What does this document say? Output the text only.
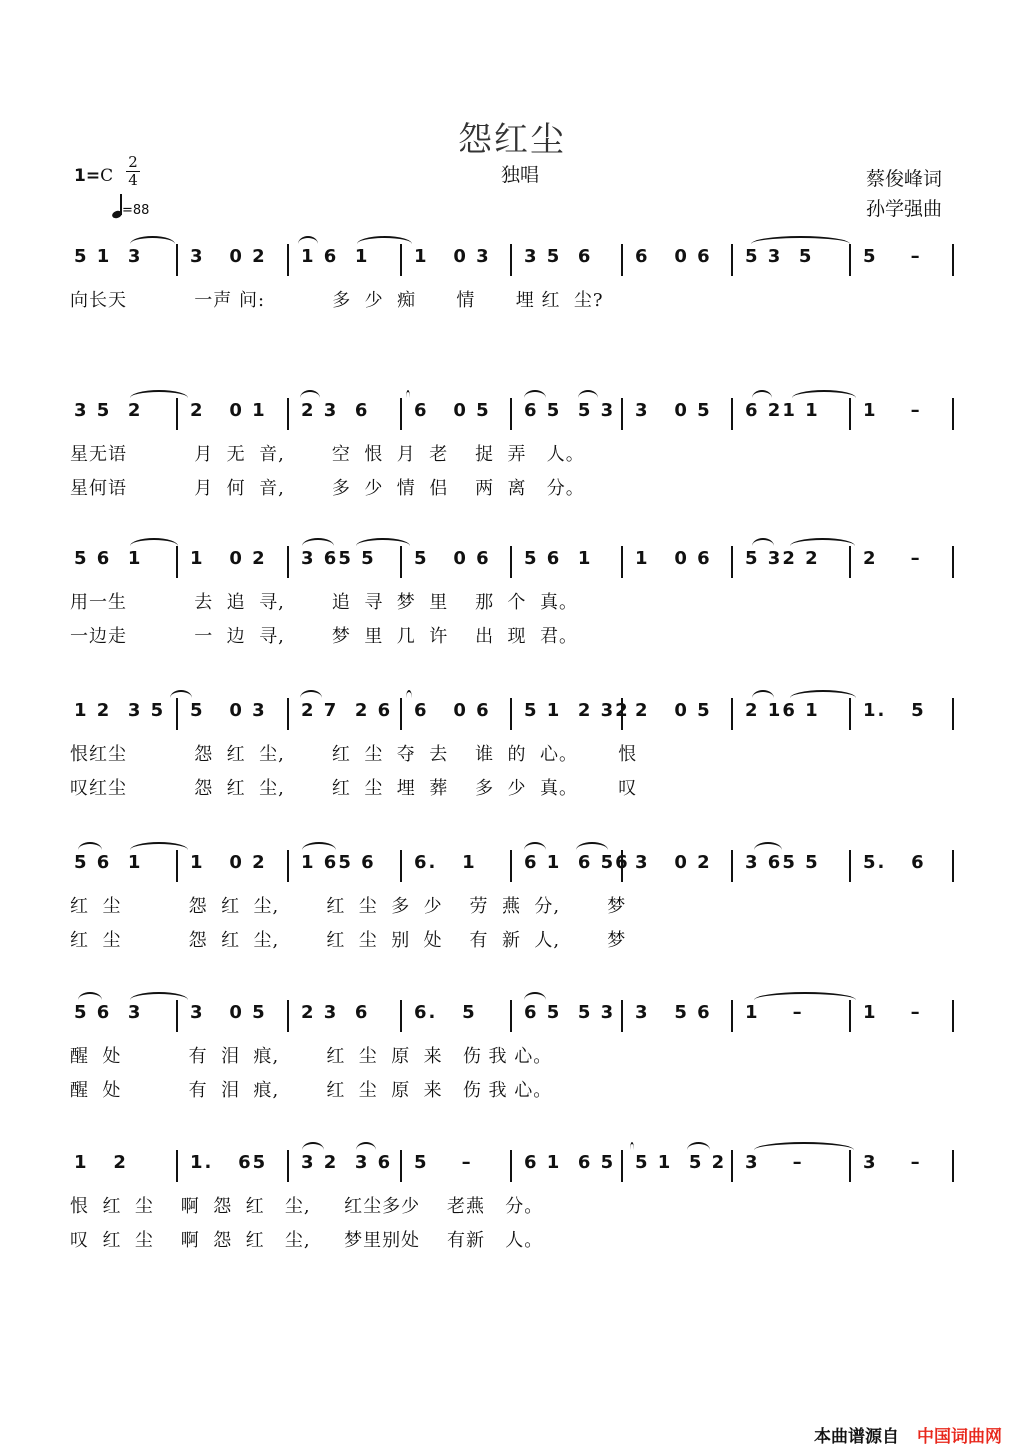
怨红尘
独唱
1=C
2
4
=88
蔡俊峰词
孙学强曲
5 1  3	3   0 2 1 6  1 1   0 3 3 5  6 6   0 6 5 3  5	5    –
向长天          一声 问:          多  少  痴      情      埋 红  尘?
3 5  2	2   0 1 2 3  6 6   0 5 6 5  5 3 3   0 5 6 21 1 1    –
星无语          月  无  音,       空  恨  月  老    捉  弄   人。
星何语          月  何  音,       多  少  情  侣    两  离   分。
5 6  1	1   0 2 3 65 5 5   0 6 5 6  1 1   0 6 5 32 2 2    –
用一生          去  追  寻,       追  寻  梦  里    那  个  真。
一边走          一  边  寻,       梦  里  几  许    出  现  君。
1 2  3 5 5   0 3 2 7  2 6 6   0 6 5 1  2 32 2   0 5 2 16 1 1.   5
恨红尘          怨  红  尘,       红  尘  夺  去    谁  的  心。      恨
叹红尘          怨  红  尘,       红  尘  埋  葬    多  少  真。      叹
5 6  1	1   0 2 1 65 6 6.   1	6 1  6 56 3   0 2 3 65 5 5.   6
红  尘          怨  红  尘,       红  尘  多  少    劳  燕  分,       梦
红  尘          怨  红  尘,       红  尘  别  处    有  新  人,       梦
5 6  3	3   0 5 2 3  6 6.   5	6 5  5 3 3   5 6 1    –	1    –
醒  处          有  泪  痕,       红  尘  原  来   伤 我 心。
醒  处          有  泪  痕,       红  尘  原  来   伤 我 心。
1   2	1.   65 3 2  3 6 5    –	6 1  6 5 5 1  5 2 3    –	3    –
恨  红  尘    啊  怨  红   尘,     红尘多少    老燕   分。
叹  红  尘    啊  怨  红   尘,     梦里别处    有新   人。
本曲谱源自 中国词曲网
